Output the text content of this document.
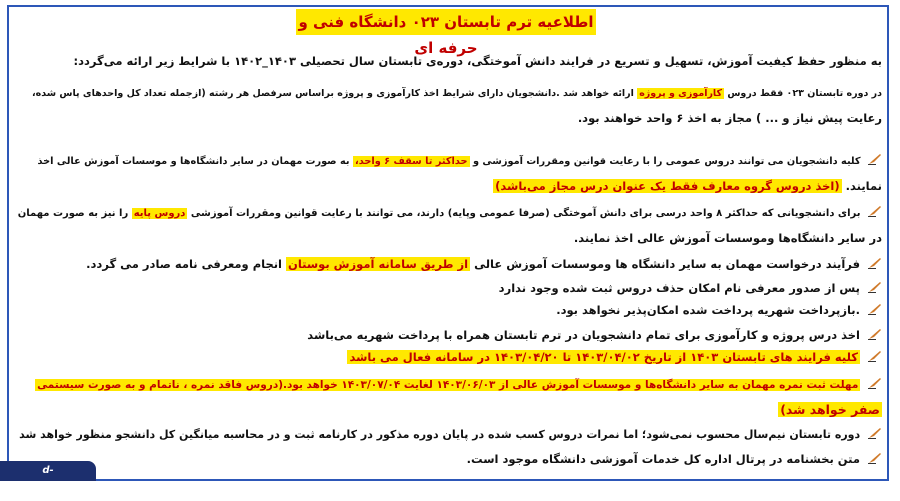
اطلاعیه ترم تابستان ۰۲۳ دانشگاه فنی و حرفه ای
به منظور حفظ کیفیت آموزش، تسهیل و تسریع در فرایند دانش آموختگی، دوره‌ی تابستان سال تحصیلی ۱۴۰۳_۱۴۰۲ با شرایط زیر ارائه می‌گردد:
در دوره تابستان ۰۲۳ فقط دروس کارآموزی و پروژه ارائه خواهد شد .دانشجویان دارای شرایط اخذ کارآموزی و پروژه براساس سرفصل هر رشته (ازجمله تعداد کل واحدهای پاس شده،
رعایت پیش نیاز و ... ) مجاز به اخذ ۶ واحد خواهند بود.
کلیه دانشجویان می توانند دروس عمومی را با رعایت قوانین ومقررات آموزشی و حداکثر تا سقف ۶ واحد، به صورت مهمان در سایر دانشگاه‌ها و موسسات آموزش عالی اخذ
نمایند. (اخذ دروس گروه معارف فقط یک عنوان درس مجاز می‌باشد)
برای دانشجویانی که حداکثر ۸ واحد درسی برای دانش آموختگی (صرفا عمومی وپایه) دارند، می توانند با رعایت قوانین ومقررات آموزشی دروس پایه را نیز به صورت مهمان
در سایر دانشگاه‌ها وموسسات آموزش عالی اخذ نمایند.
فرآیند درخواست مهمان به سایر دانشگاه ها وموسسات آموزش عالی از طریق سامانه آموزش بوستان انجام ومعرفی نامه صادر می گردد.
پس از صدور معرفی نام امکان حذف دروس ثبت شده وجود ندارد
.بازپرداخت شهریه پرداخت شده امکان‌پذیر نخواهد بود.
اخذ درس پروژه و کارآموزی برای تمام دانشجویان در ترم تابستان همراه با پرداخت شهریه می‌باشد
کلیه فرایند های تابستان ۱۴۰۳ از تاریخ ۱۴۰۳/۰۴/۰۲ تا ۱۴۰۳/۰۴/۲۰ در سامانه فعال می باشد
مهلت ثبت نمره مهمان به سایر دانشگاه‌ها و موسسات آموزش عالی از ۱۴۰۳/۰۶/۰۳ لغایت ۱۴۰۳/۰۷/۰۴ خواهد بود.(دروس فاقد نمره ، ناتمام و به صورت سیستمی
صفر خواهد شد)
دوره تابستان نیم‌سال محسوب نمی‌شود؛ اما نمرات دروس کسب شده در پایان دوره مذکور در کارنامه ثبت و در محاسبه میانگین کل دانشجو منظور خواهد شد
متن بخشنامه در پرتال اداره کل خدمات آموزشی دانشگاه موجود است.
d-tabriz.nus.ac.ir
